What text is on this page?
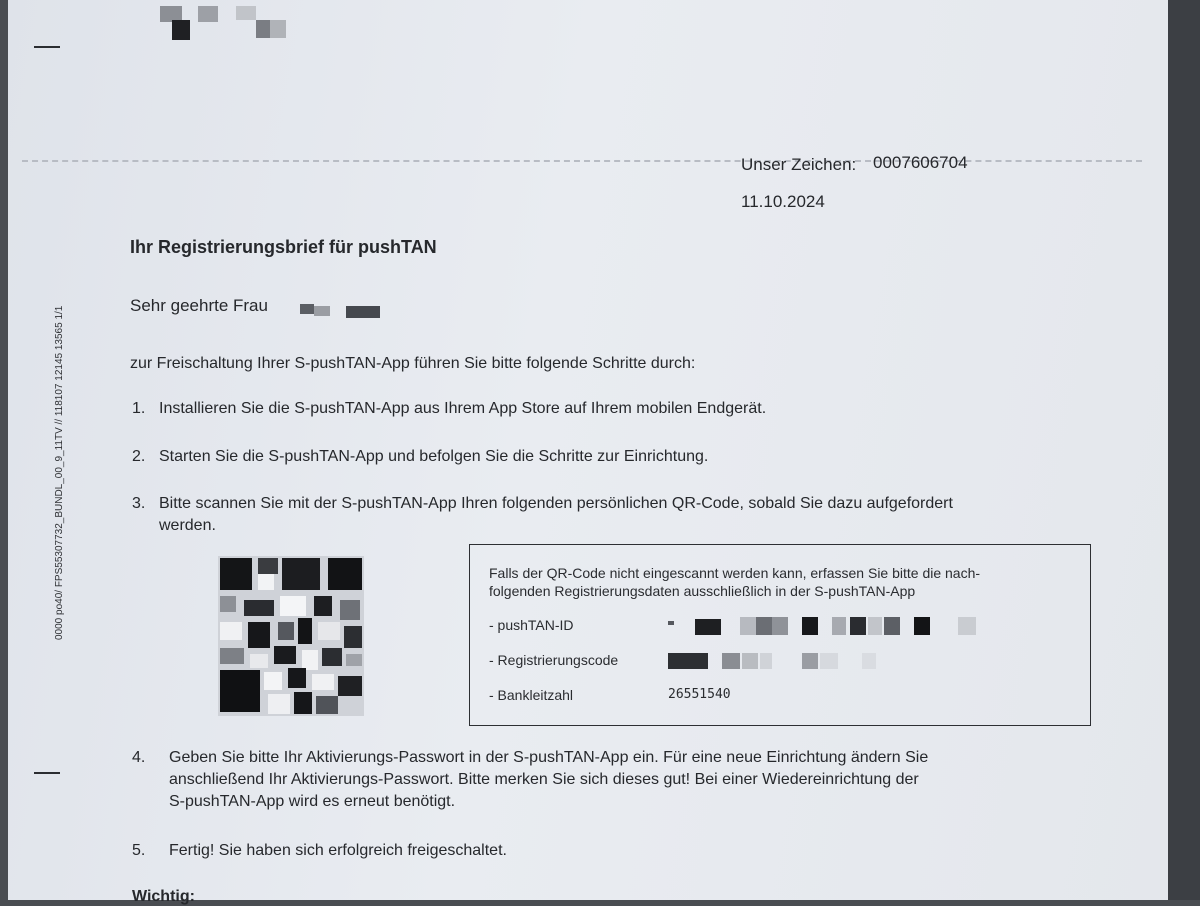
0000 po40/ FPS55307732_BUNDL_00_9_11TV // 118107 12145 13565 1/1
Unser Zeichen: 0007606704
11.10.2024
Ihr Registrierungsbrief für pushTAN
Sehr geehrte Frau
zur Freischaltung Ihrer S-pushTAN-App führen Sie bitte folgende Schritte durch:
1. Installieren Sie die S-pushTAN-App aus Ihrem App Store auf Ihrem mobilen Endgerät.
2. Starten Sie die S-pushTAN-App und befolgen Sie die Schritte zur Einrichtung.
3. Bitte scannen Sie mit der S-pushTAN-App Ihren folgenden persönlichen QR-Code, sobald Sie dazu aufgefordert
werden.
Falls der QR-Code nicht eingescannt werden kann, erfassen Sie bitte die nach-
folgenden Registrierungsdaten ausschließlich in der S-pushTAN-App
- pushTAN-ID
- Registrierungscode
- Bankleitzahl	26551540
4. Geben Sie bitte Ihr Aktivierungs-Passwort in der S-pushTAN-App ein. Für eine neue Einrichtung ändern Sie
anschließend Ihr Aktivierungs-Passwort. Bitte merken Sie sich dieses gut! Bei einer Wiedereinrichtung der
S-pushTAN-App wird es erneut benötigt.
5. Fertig! Sie haben sich erfolgreich freigeschaltet.
Wichtig:
